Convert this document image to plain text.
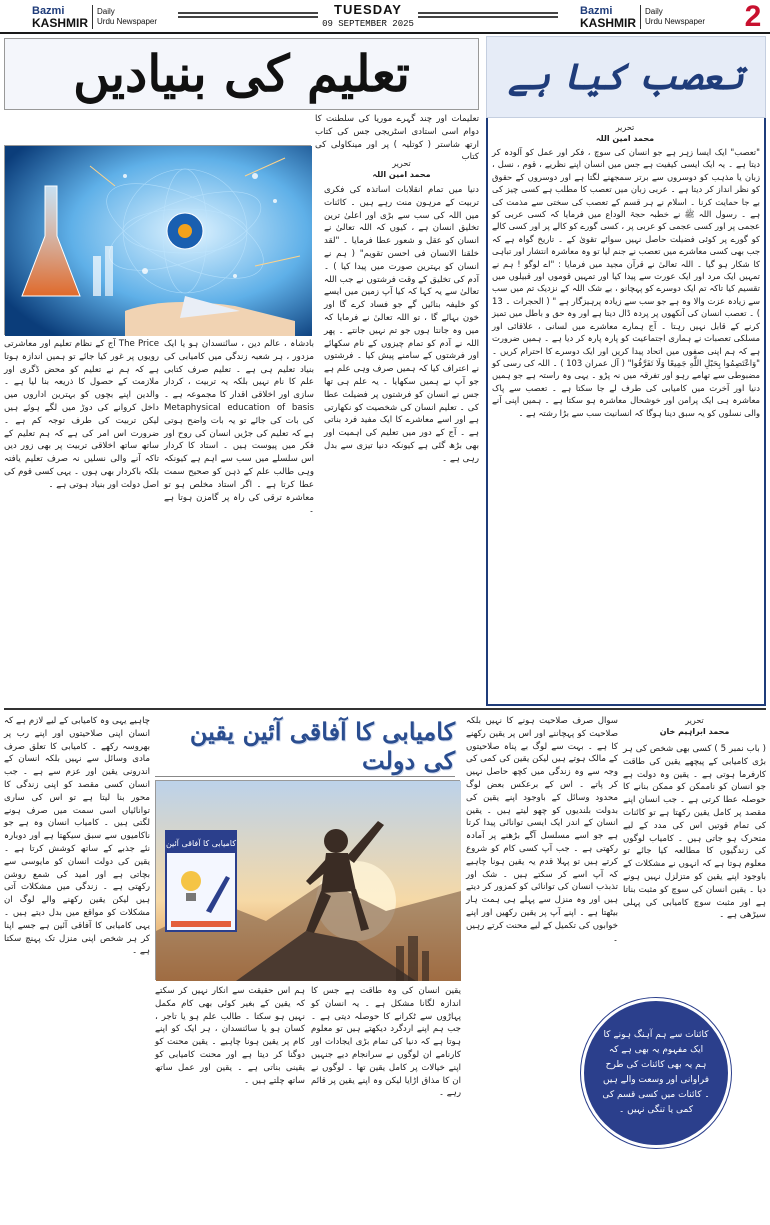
Bazmi
KASHMIR
Daily
Urdu Newspaper
TUESDAY
09 SEPTEMBER 2025
Bazmi
KASHMIR
Daily
Urdu Newspaper 2
تعلیم کی بنیادیں
تعلیمات اور چند گہرے موریا کی سلطنت کا دوام اسی استادی اسٹریجی جس کی کتاب ارتھ شاستر ( کوتلیہ ) پر اور مینکاولی کی کتاب
تحریر
محمد امین اللہ
دنیا میں تمام انقلابات اساتذہ کی فکری تربیت کے مرہون منت رہے ہیں ۔ کائنات میں اللہ کی سب سے بڑی اور اعلیٰ ترین تخلیق انسان ہے ، کیوں کہ اللہ تعالیٰ نے انسان کو عقل و شعور عطا فرمایا ۔ "لقد خلقنا الانسان فی احسن تقویم" ( ہم نے انسان کو بہترین صورت میں پیدا کیا ) ۔ آدم کی تخلیق کے وقت فرشتوں نے جب اللہ تعالیٰ سے یہ کہا کہ کیا آپ زمین میں ایسے کو خلیفہ بنائیں گے جو فساد کرے گا اور خون بہائے گا ، تو اللہ تعالیٰ نے فرمایا کہ میں وہ جانتا ہوں جو تم نہیں جانتے ۔ پھر اللہ نے آدم کو تمام چیزوں کے نام سکھائے اور فرشتوں کے سامنے پیش کیا ۔ فرشتوں نے اعتراف کیا کہ ہمیں صرف وہی علم ہے جو آپ نے ہمیں سکھایا ۔ یہ علم ہی تھا جس نے انسان کو فرشتوں پر فضیلت عطا کی ۔ تعلیم انسان کی شخصیت کو نکھارتی ہے اور اسے معاشرے کا ایک مفید فرد بناتی ہے ۔ آج کے دور میں تعلیم کی اہمیت اور بھی بڑھ گئی ہے کیونکہ دنیا تیزی سے بدل رہی ہے ۔
بادشاہ ، عالم دین ، سائنسدان ہو یا ایک مزدور ، ہر شعبہ زندگی میں کامیابی کی بنیاد تعلیم ہی ہے ۔ تعلیم صرف کتابی علم کا نام نہیں بلکہ یہ تربیت ، کردار سازی اور اخلاقی اقدار کا مجموعہ ہے ۔ Metaphysical education of basis کی بات کی جائے تو یہ بات واضح ہوتی ہے کہ تعلیم کی جڑیں انسان کی روح اور فکر میں پیوست ہیں ۔ استاد کا کردار اس سلسلے میں سب سے اہم ہے کیونکہ وہی طالب علم کے ذہن کو صحیح سمت عطا کرتا ہے ۔ اگر استاد مخلص ہو تو معاشرہ ترقی کی راہ پر گامزن ہوتا ہے ۔
The Price آج کے نظام تعلیم اور معاشرتی رویوں پر غور کیا جائے تو ہمیں اندازہ ہوتا ہے کہ ہم نے تعلیم کو محض ڈگری اور ملازمت کے حصول کا ذریعہ بنا لیا ہے ۔ والدین اپنے بچوں کو بہترین اداروں میں داخل کروانے کی دوڑ میں لگے ہوئے ہیں لیکن تربیت کی طرف توجہ کم ہے ۔ ضرورت اس امر کی ہے کہ ہم تعلیم کے ساتھ ساتھ اخلاقی تربیت پر بھی زور دیں تاکہ آنے والی نسلیں نہ صرف تعلیم یافتہ بلکہ باکردار بھی ہوں ۔ یہی کسی قوم کی اصل دولت اور بنیاد ہوتی ہے ۔
تعصب کیا ہے
تحریر
محمد امین اللہ
"تعصب" ایک ایسا زہر ہے جو انسان کی سوچ ، فکر اور عمل کو آلودہ کر دیتا ہے ۔ یہ ایک ایسی کیفیت ہے جس میں انسان اپنے نظریے ، قوم ، نسل ، زبان یا مذہب کو دوسروں سے برتر سمجھنے لگتا ہے اور دوسروں کے حقوق کو نظر انداز کر دیتا ہے ۔ عربی زبان میں تعصب کا مطلب ہے کسی چیز کی بے جا حمایت کرنا ۔ اسلام نے ہر قسم کے تعصب کی سختی سے مذمت کی ہے ۔ رسول اللہ ﷺ نے خطبہ حجۃ الوداع میں فرمایا کہ کسی عربی کو عجمی پر اور کسی عجمی کو عربی پر ، کسی گورے کو کالے پر اور کسی کالے کو گورے پر کوئی فضیلت حاصل نہیں سوائے تقویٰ کے ۔ تاریخ گواہ ہے کہ جب بھی کسی معاشرے میں تعصب نے جنم لیا تو وہ معاشرہ انتشار اور تباہی کا شکار ہو گیا ۔ اللہ تعالیٰ نے قرآن مجید میں فرمایا : "اے لوگو ! ہم نے تمہیں ایک مرد اور ایک عورت سے پیدا کیا اور تمہیں قوموں اور قبیلوں میں تقسیم کیا تاکہ تم ایک دوسرے کو پہچانو ، بے شک اللہ کے نزدیک تم میں سب سے زیادہ عزت والا وہ ہے جو سب سے زیادہ پرہیزگار ہے " ( الحجرات ۔ 13 ) ۔ تعصب انسان کی آنکھوں پر پردہ ڈال دیتا ہے اور وہ حق و باطل میں تمیز کرنے کے قابل نہیں رہتا ۔ آج ہمارے معاشرے میں لسانی ، علاقائی اور مسلکی تعصبات نے ہماری اجتماعیت کو پارہ پارہ کر دیا ہے ۔ ہمیں ضرورت ہے کہ ہم اپنی صفوں میں اتحاد پیدا کریں اور ایک دوسرے کا احترام کریں ۔ "وَاعْتَصِمُوا بِحَبْلِ اللَّهِ جَمِيعًا وَلَا تَفَرَّقُوا" ( آل عمران 103 ) ۔ اللہ کی رسی کو مضبوطی سے تھامے رہو اور تفرقہ میں نہ پڑو ۔ یہی وہ راستہ ہے جو ہمیں دنیا اور آخرت میں کامیابی کی طرف لے جا سکتا ہے ۔ تعصب سے پاک معاشرہ ہی ایک پرامن اور خوشحال معاشرہ ہو سکتا ہے ۔ ہمیں اپنی آنے والی نسلوں کو یہ سبق دینا ہوگا کہ انسانیت سب سے بڑا رشتہ ہے ۔
کامیابی کا آفاقی آئین یقین کی دولت
کامیابی کا آفاقی آئین
تحریر
محمد ابراہیم خان
( باب نمبر 5 ) کسی بھی شخص کی ہر بڑی کامیابی کے پیچھے یقین کی طاقت کارفرما ہوتی ہے ۔ یقین وہ دولت ہے جو انسان کو ناممکن کو ممکن بنانے کا حوصلہ عطا کرتی ہے ۔ جب انسان اپنے مقصد پر کامل یقین رکھتا ہے تو کائنات کی تمام قوتیں اس کی مدد کے لیے متحرک ہو جاتی ہیں ۔ کامیاب لوگوں کی زندگیوں کا مطالعہ کیا جائے تو معلوم ہوتا ہے کہ انہوں نے مشکلات کے باوجود اپنے یقین کو متزلزل نہیں ہونے دیا ۔ یقین انسان کی سوچ کو مثبت بناتا ہے اور مثبت سوچ کامیابی کی پہلی سیڑھی ہے ۔
سوال صرف صلاحیت ہونے کا نہیں بلکہ صلاحیت کو پہچاننے اور اس پر یقین رکھنے کا ہے ۔ بہت سے لوگ بے پناہ صلاحیتوں کے مالک ہوتے ہیں لیکن یقین کی کمی کی وجہ سے وہ زندگی میں کچھ حاصل نہیں کر پاتے ۔ اس کے برعکس بعض لوگ محدود وسائل کے باوجود اپنے یقین کی بدولت بلندیوں کو چھو لیتے ہیں ۔ یقین انسان کے اندر ایک ایسی توانائی پیدا کرتا ہے جو اسے مسلسل آگے بڑھنے پر آمادہ رکھتی ہے ۔ جب آپ کسی کام کو شروع کرتے ہیں تو پہلا قدم یہ یقین ہونا چاہیے کہ آپ اسے کر سکتے ہیں ۔ شک اور تذبذب انسان کی توانائی کو کمزور کر دیتے ہیں اور وہ منزل سے پہلے ہی ہمت ہار بیٹھتا ہے ۔ اپنے آپ پر یقین رکھیں اور اپنے خوابوں کی تکمیل کے لیے محنت کرتے رہیں ۔
چاہیے یہی وہ کامیابی کے لیے لازم ہے کہ انسان اپنی صلاحیتوں اور اپنے رب پر بھروسہ رکھے ۔ کامیابی کا تعلق صرف مادی وسائل سے نہیں بلکہ انسان کے اندرونی یقین اور عزم سے ہے ۔ جب انسان کسی مقصد کو اپنی زندگی کا محور بنا لیتا ہے تو اس کی ساری توانائیاں اسی سمت میں صرف ہونے لگتی ہیں ۔ کامیاب انسان وہ ہے جو ناکامیوں سے سبق سیکھتا ہے اور دوبارہ نئے جذبے کے ساتھ کوشش کرتا ہے ۔ یقین کی دولت انسان کو مایوسی سے بچاتی ہے اور امید کی شمع روشن رکھتی ہے ۔ زندگی میں مشکلات آتی ہیں لیکن یقین رکھنے والے لوگ ان مشکلات کو مواقع میں بدل دیتے ہیں ۔ یہی کامیابی کا آفاقی آئین ہے جسے اپنا کر ہر شخص اپنی منزل تک پہنچ سکتا ہے ۔
یقین انسان کی وہ طاقت ہے جس کا اندازہ لگانا مشکل ہے ۔ یہ انسان کو پہاڑوں سے ٹکرانے کا حوصلہ دیتی ہے ۔ جب ہم اپنے اردگرد دیکھتے ہیں تو معلوم ہوتا ہے کہ دنیا کی تمام بڑی ایجادات اور کارنامے ان لوگوں نے سرانجام دیے جنہیں اپنے خیالات پر کامل یقین تھا ۔ لوگوں نے ان کا مذاق اڑایا لیکن وہ اپنے یقین پر قائم رہے ۔
ہم اس حقیقت سے انکار نہیں کر سکتے کہ یقین کے بغیر کوئی بھی کام مکمل نہیں ہو سکتا ۔ طالب علم ہو یا تاجر ، کسان ہو یا سائنسدان ، ہر ایک کو اپنے کام پر یقین ہونا چاہیے ۔ یقین محنت کو دوگنا کر دیتا ہے اور محنت کامیابی کو یقینی بناتی ہے ۔ یقین اور عمل ساتھ ساتھ چلتے ہیں ۔
کائنات سے ہم آہنگ ہونے کا ایک مفہوم یہ بھی ہے کہ ہم یہ بھی کائنات کی طرح فراوانی اور وسعت والے ہیں ۔ کائنات میں کسی قسم کی کمی یا تنگی نہیں ۔
